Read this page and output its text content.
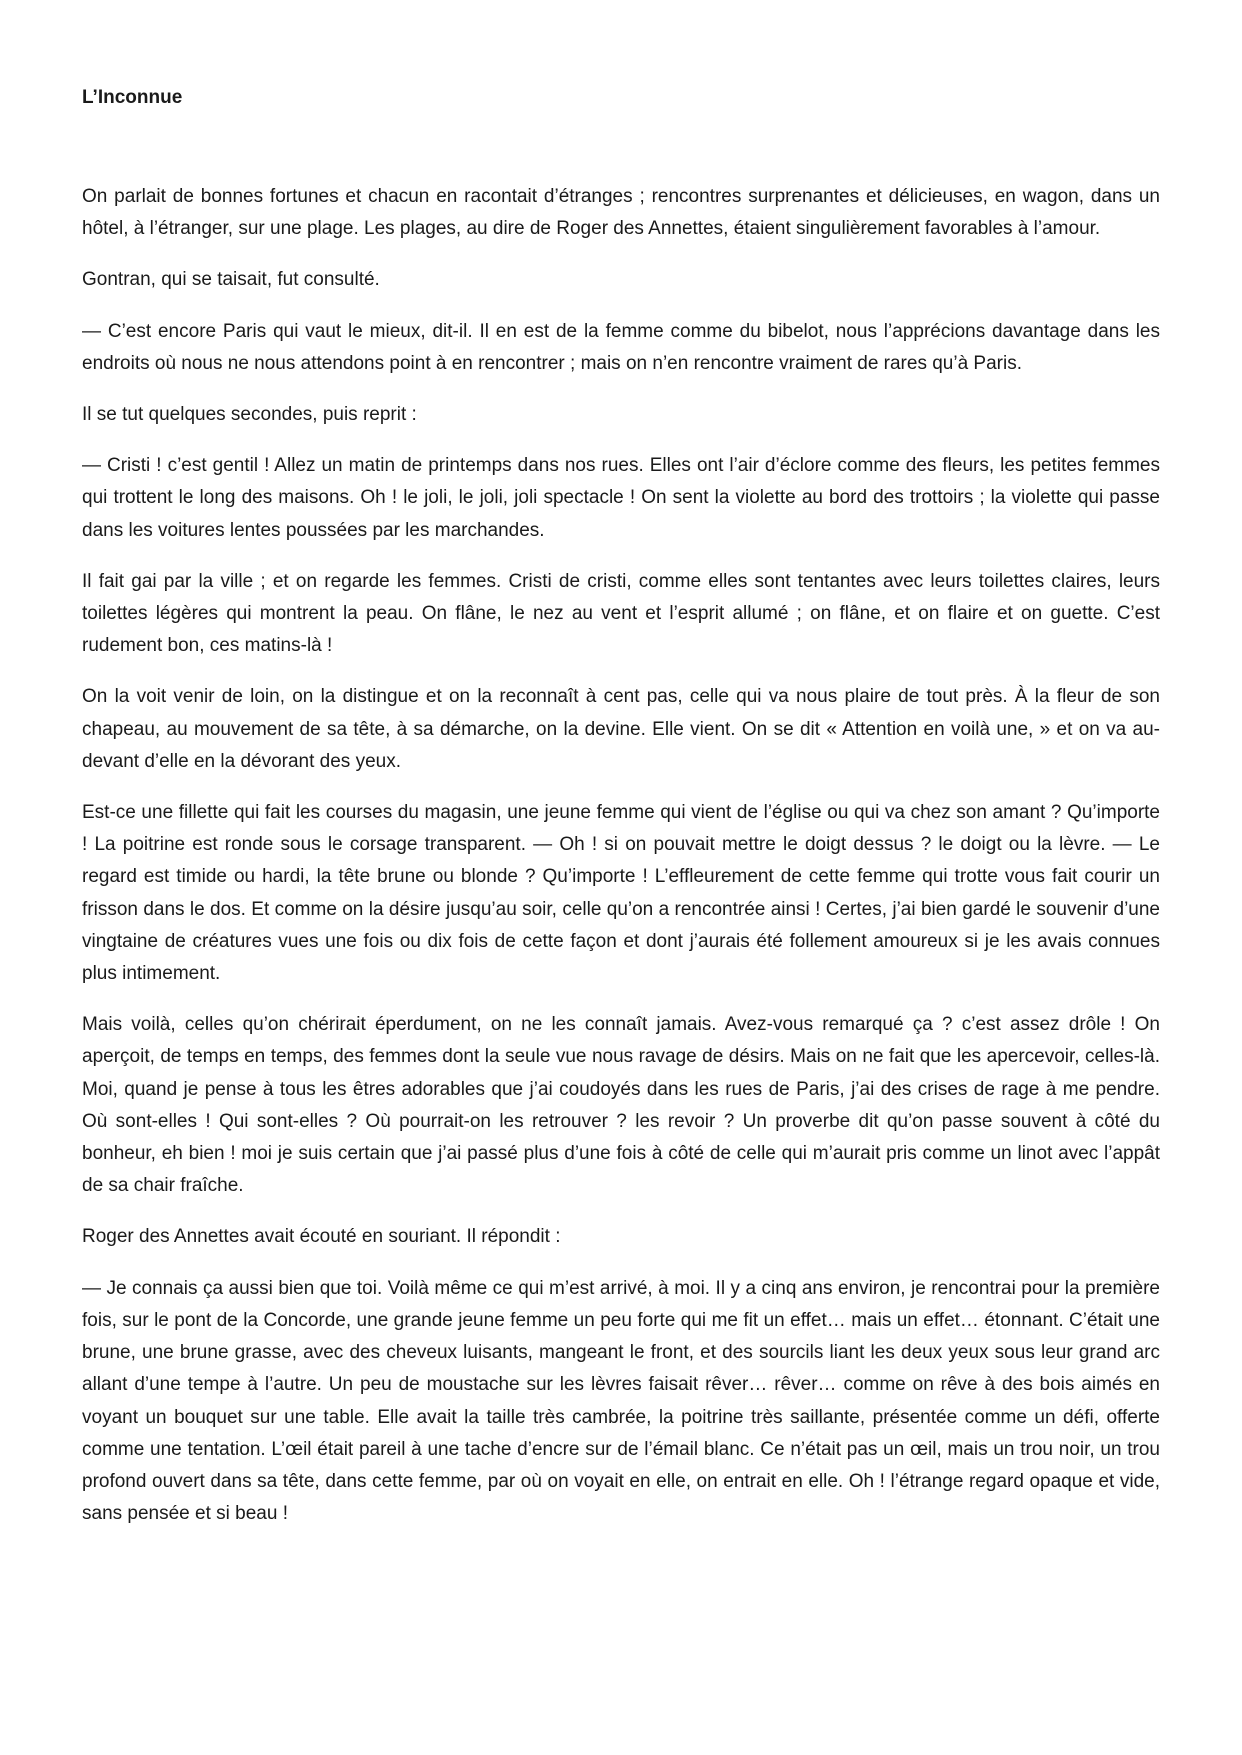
L’Inconnue

On parlait de bonnes fortunes et chacun en racontait d’étranges ; rencontres surprenantes et délicieuses, en wagon, dans un hôtel, à l’étranger, sur une plage. Les plages, au dire de Roger des Annettes, étaient singulièrement favorables à l’amour.

Gontran, qui se taisait, fut consulté.

— C’est encore Paris qui vaut le mieux, dit-il. Il en est de la femme comme du bibelot, nous l’apprécions davantage dans les endroits où nous ne nous attendons point à en rencontrer ; mais on n’en rencontre vraiment de rares qu’à Paris.

Il se tut quelques secondes, puis reprit :

— Cristi ! c’est gentil ! Allez un matin de printemps dans nos rues. Elles ont l’air d’éclore comme des fleurs, les petites femmes qui trottent le long des maisons. Oh ! le joli, le joli, joli spectacle ! On sent la violette au bord des trottoirs ; la violette qui passe dans les voitures lentes poussées par les marchandes.

Il fait gai par la ville ; et on regarde les femmes. Cristi de cristi, comme elles sont tentantes avec leurs toilettes claires, leurs toilettes légères qui montrent la peau. On flâne, le nez au vent et l’esprit allumé ; on flâne, et on flaire et on guette. C’est rudement bon, ces matins-là !

On la voit venir de loin, on la distingue et on la reconnaît à cent pas, celle qui va nous plaire de tout près. À la fleur de son chapeau, au mouvement de sa tête, à sa démarche, on la devine. Elle vient. On se dit « Attention en voilà une, » et on va au-devant d’elle en la dévorant des yeux.

Est-ce une fillette qui fait les courses du magasin, une jeune femme qui vient de l’église ou qui va chez son amant ? Qu’importe ! La poitrine est ronde sous le corsage transparent. — Oh ! si on pouvait mettre le doigt dessus ? le doigt ou la lèvre. — Le regard est timide ou hardi, la tête brune ou blonde ? Qu’importe ! L’effleurement de cette femme qui trotte vous fait courir un frisson dans le dos. Et comme on la désire jusqu’au soir, celle qu’on a rencontrée ainsi ! Certes, j’ai bien gardé le souvenir d’une vingtaine de créatures vues une fois ou dix fois de cette façon et dont j’aurais été follement amoureux si je les avais connues plus intimement.

Mais voilà, celles qu’on chérirait éperdument, on ne les connaît jamais. Avez-vous remarqué ça ? c’est assez drôle ! On aperçoit, de temps en temps, des femmes dont la seule vue nous ravage de désirs. Mais on ne fait que les apercevoir, celles-là. Moi, quand je pense à tous les êtres adorables que j’ai coudoyés dans les rues de Paris, j’ai des crises de rage à me pendre. Où sont-elles ! Qui sont-elles ? Où pourrait-on les retrouver ? les revoir ? Un proverbe dit qu’on passe souvent à côté du bonheur, eh bien ! moi je suis certain que j’ai passé plus d’une fois à côté de celle qui m’aurait pris comme un linot avec l’appât de sa chair fraîche.

Roger des Annettes avait écouté en souriant. Il répondit :

— Je connais ça aussi bien que toi. Voilà même ce qui m’est arrivé, à moi. Il y a cinq ans environ, je rencontrai pour la première fois, sur le pont de la Concorde, une grande jeune femme un peu forte qui me fit un effet… mais un effet… étonnant. C’était une brune, une brune grasse, avec des cheveux luisants, mangeant le front, et des sourcils liant les deux yeux sous leur grand arc allant d’une tempe à l’autre. Un peu de moustache sur les lèvres faisait rêver… rêver… comme on rêve à des bois aimés en voyant un bouquet sur une table. Elle avait la taille très cambrée, la poitrine très saillante, présentée comme un défi, offerte comme une tentation. L’œil était pareil à une tache d’encre sur de l’émail blanc. Ce n’était pas un œil, mais un trou noir, un trou profond ouvert dans sa tête, dans cette femme, par où on voyait en elle, on entrait en elle. Oh ! l’étrange regard opaque et vide, sans pensée et si beau !
